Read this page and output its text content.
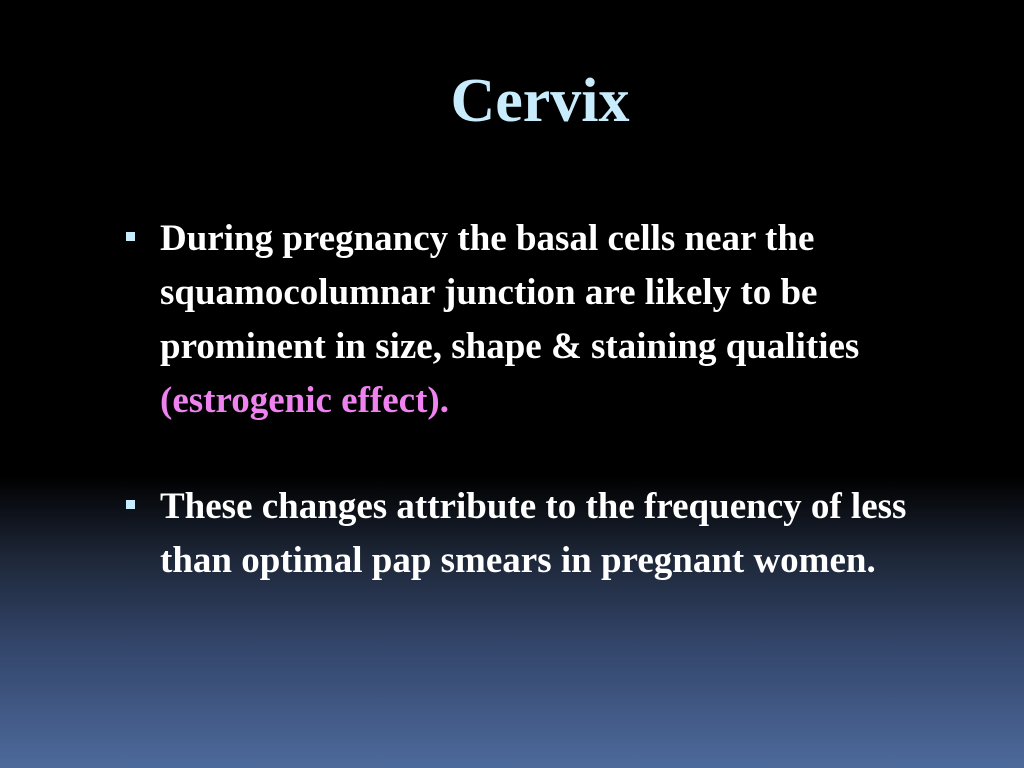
Cervix
During pregnancy the basal cells near the squamocolumnar junction are likely to be prominent in size, shape & staining qualities (estrogenic effect).
These changes attribute to the frequency of less than optimal pap smears in pregnant women.
